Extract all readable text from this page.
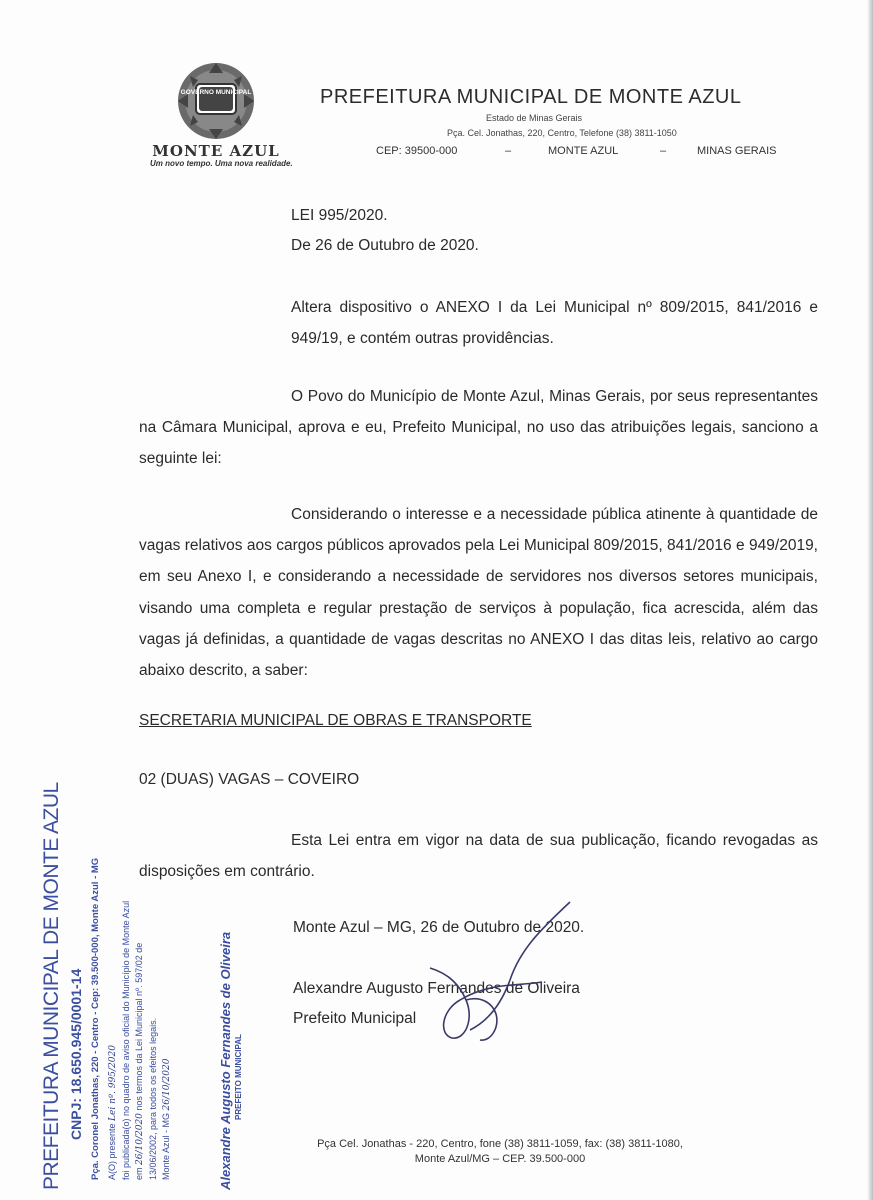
GOVERNO MUNICIPAL
MONTE AZUL
Um novo tempo. Uma nova realidade.
PREFEITURA MUNICIPAL DE MONTE AZUL
Estado de Minas Gerais
Pça. Cel. Jonathas, 220, Centro, Telefone (38) 3811-1050
CEP: 39500-000	–	MONTE AZUL	–	MINAS GERAIS
LEI 995/2020.
De 26 de Outubro de 2020.
Altera dispositivo o ANEXO I da Lei Municipal nº 809/2015, 841/2016 e 949/19, e contém outras providências.
O Povo do Município de Monte Azul, Minas Gerais, por seus representantes na Câmara Municipal, aprova e eu, Prefeito Municipal, no uso das atribuições legais, sanciono a seguinte lei:
Considerando o interesse e a necessidade pública atinente à quantidade de vagas relativos aos cargos públicos aprovados pela Lei Municipal 809/2015, 841/2016 e 949/2019, em seu Anexo I, e considerando a necessidade de servidores nos diversos setores municipais, visando uma completa e regular prestação de serviços à população, fica acrescida, além das vagas já definidas, a quantidade de vagas descritas no ANEXO I das ditas leis, relativo ao cargo abaixo descrito, a saber:
SECRETARIA MUNICIPAL DE OBRAS E TRANSPORTE
02 (DUAS) VAGAS – COVEIRO
Esta Lei entra em vigor na data de sua publicação, ficando revogadas as disposições em contrário.
Monte Azul – MG, 26 de Outubro de 2020.
Alexandre Augusto Fernandes de Oliveira
Prefeito Municipal
Pça Cel. Jonathas - 220, Centro, fone (38) 3811-1059, fax: (38) 3811-1080,
Monte Azul/MG – CEP. 39.500-000
PREFEITURA MUNICIPAL DE MONTE AZUL CNPJ: 18.650.945/0001-14 Pça. Coronel Jonathas, 220 - Centro - Cep: 39.500-000, Monte Azul - MG A(O) presente Lei nº. 995/2020 foi publicada(o) no quadro de aviso oficial do Município de Monte Azul em 26/10/2020 nos termos da Lei Municipal nº. 597/02 de 13/06/2002, para todos os efeitos legais. Monte Azul - MG 26/10/2020	Alexandre Augusto Fernandes de Oliveira PREFEITO MUNICIPAL
